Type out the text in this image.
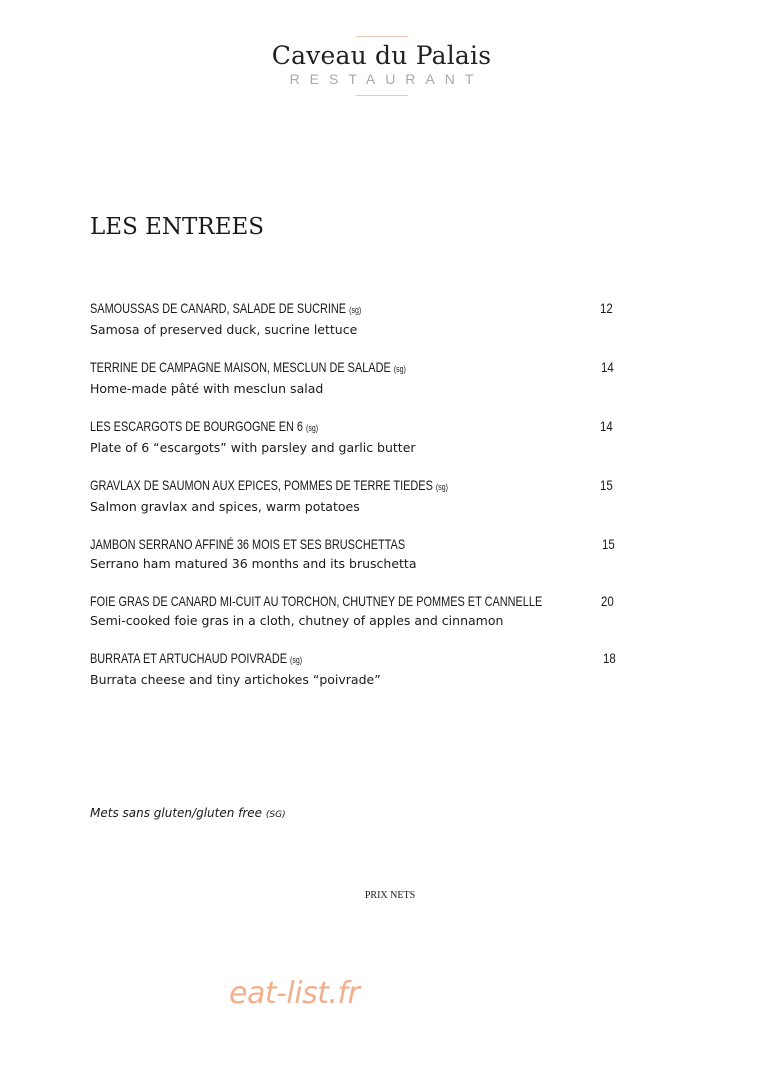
Caveau du Palais
RESTAURANT
LES ENTREES
SAMOUSSAS DE CANARD, SALADE DE SUCRINE (sg)
Samosa of preserved duck, sucrine lettuce
12
TERRINE DE CAMPAGNE MAISON, MESCLUN DE SALADE (sg)
Home-made pâté with mesclun salad
14
LES ESCARGOTS DE BOURGOGNE EN 6 (sg)
Plate of 6 “escargots” with parsley and garlic butter
14
GRAVLAX DE SAUMON AUX EPICES, POMMES DE TERRE TIEDES (sg)
Salmon gravlax and spices, warm potatoes
15
JAMBON SERRANO AFFINÉ 36 MOIS ET SES BRUSCHETTAS
Serrano ham matured 36 months and its bruschetta
15
FOIE GRAS DE CANARD MI-CUIT AU TORCHON, CHUTNEY DE POMMES ET CANNELLE
Semi-cooked foie gras in a cloth, chutney of apples and cinnamon
20
BURRATA ET ARTUCHAUD POIVRADE (sg)
Burrata cheese and tiny artichokes “poivrade”
18
Mets sans gluten/gluten free (SG)
PRIX NETS
eat-list.fr
